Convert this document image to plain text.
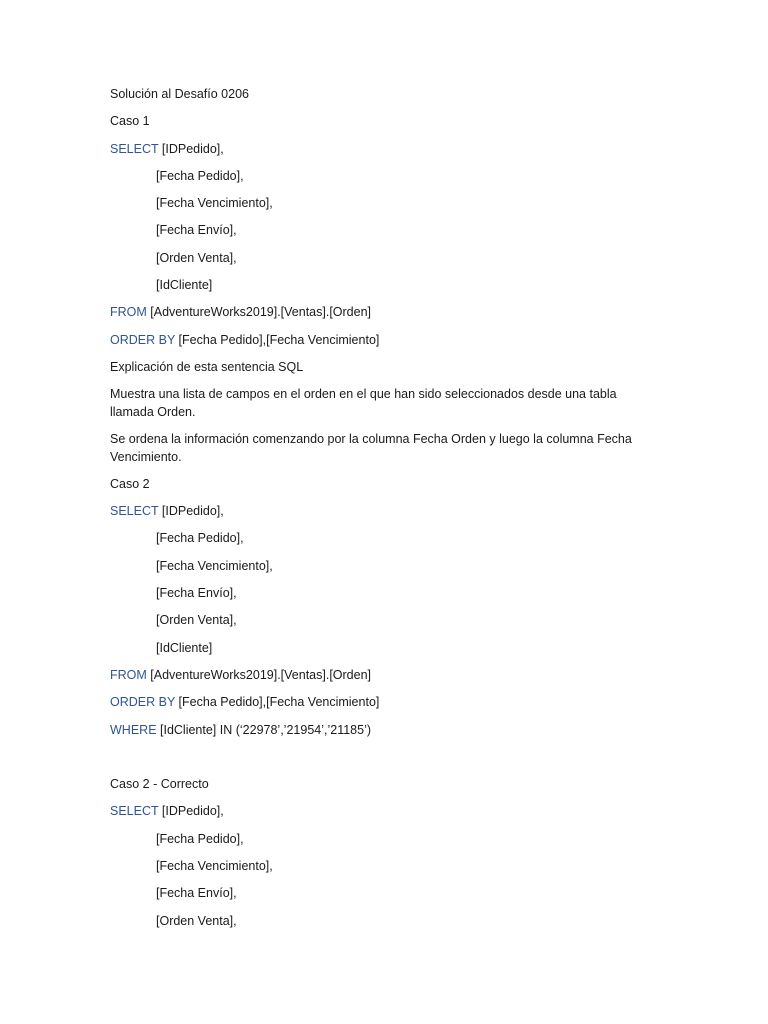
Solución al Desafío 0206
Caso 1
SELECT [IDPedido],
[Fecha Pedido],
[Fecha Vencimiento],
[Fecha Envío],
[Orden Venta],
[IdCliente]
FROM [AdventureWorks2019].[Ventas].[Orden]
ORDER BY [Fecha Pedido],[Fecha Vencimiento]
Explicación de esta sentencia SQL
Muestra una lista de campos en el orden en el que han sido seleccionados desde una tabla llamada Orden.
Se ordena la información comenzando por la columna Fecha Orden y luego la columna Fecha Vencimiento.
Caso 2
SELECT [IDPedido],
[Fecha Pedido],
[Fecha Vencimiento],
[Fecha Envío],
[Orden Venta],
[IdCliente]
FROM [AdventureWorks2019].[Ventas].[Orden]
ORDER BY [Fecha Pedido],[Fecha Vencimiento]
WHERE [IdCliente] IN (‘22978’,’21954’,’21185’)
Caso 2 - Correcto
SELECT [IDPedido],
[Fecha Pedido],
[Fecha Vencimiento],
[Fecha Envío],
[Orden Venta],
